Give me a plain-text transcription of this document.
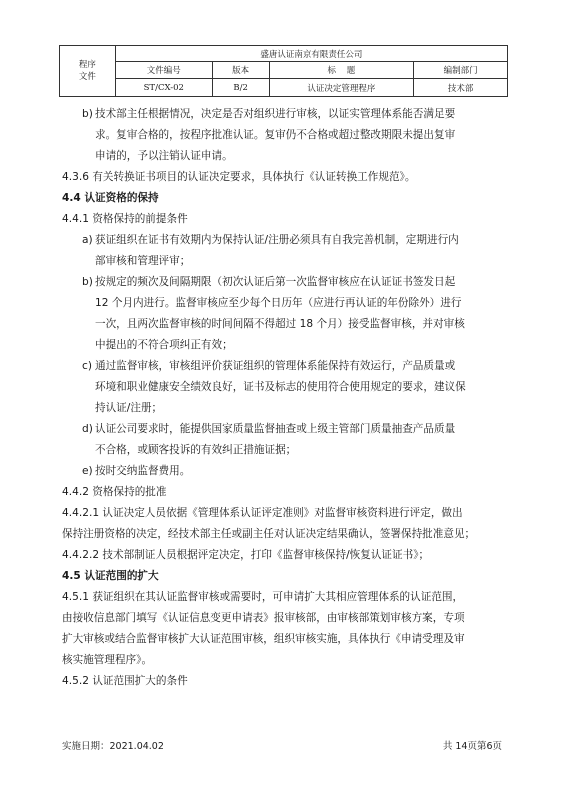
程序
文件	盛唐认证南京有限责任公司			
	文件编号	版本	标    题	编制部门
	ST/CX-02	B/2	认证决定管理程序	技术部
b) 技术部主任根据情况，决定是否对组织进行审核，以证实管理体系能否满足要
求。复审合格的，按程序批准认证。复审仍不合格或超过整改期限未提出复审
申请的，予以注销认证申请。
4.3.6 有关转换证书项目的认证决定要求，具体执行《认证转换工作规范》。
4.4 认证资格的保持
4.4.1 资格保持的前提条件
a) 获证组织在证书有效期内为保持认证/注册必须具有自我完善机制，定期进行内
部审核和管理评审；
b) 按规定的频次及间隔期限（初次认证后第一次监督审核应在认证证书签发日起
12 个月内进行。监督审核应至少每个日历年（应进行再认证的年份除外）进行
一次，且两次监督审核的时间间隔不得超过 18 个月）接受监督审核，并对审核
中提出的不符合项纠正有效；
c) 通过监督审核，审核组评价获证组织的管理体系能保持有效运行，产品质量或
环境和职业健康安全绩效良好，证书及标志的使用符合使用规定的要求，建议保
持认证/注册；
d) 认证公司要求时，能提供国家质量监督抽查或上级主管部门质量抽查产品质量
不合格，或顾客投诉的有效纠正措施证据；
e) 按时交纳监督费用。
4.4.2 资格保持的批准
4.4.2.1 认证决定人员依据《管理体系认证评定准则》对监督审核资料进行评定，做出
保持注册资格的决定，经技术部主任或副主任对认证决定结果确认，签署保持批准意见；
4.4.2.2 技术部制证人员根据评定决定，打印《监督审核保持/恢复认证证书》；
4.5 认证范围的扩大
4.5.1 获证组织在其认证监督审核或需要时，可申请扩大其相应管理体系的认证范围，
由接收信息部门填写《认证信息变更申请表》报审核部，由审核部策划审核方案，专项
扩大审核或结合监督审核扩大认证范围审核，组织审核实施，具体执行《申请受理及审
核实施管理程序》。
4.5.2 认证范围扩大的条件
实施日期：2021.04.02	共 14页第6页
